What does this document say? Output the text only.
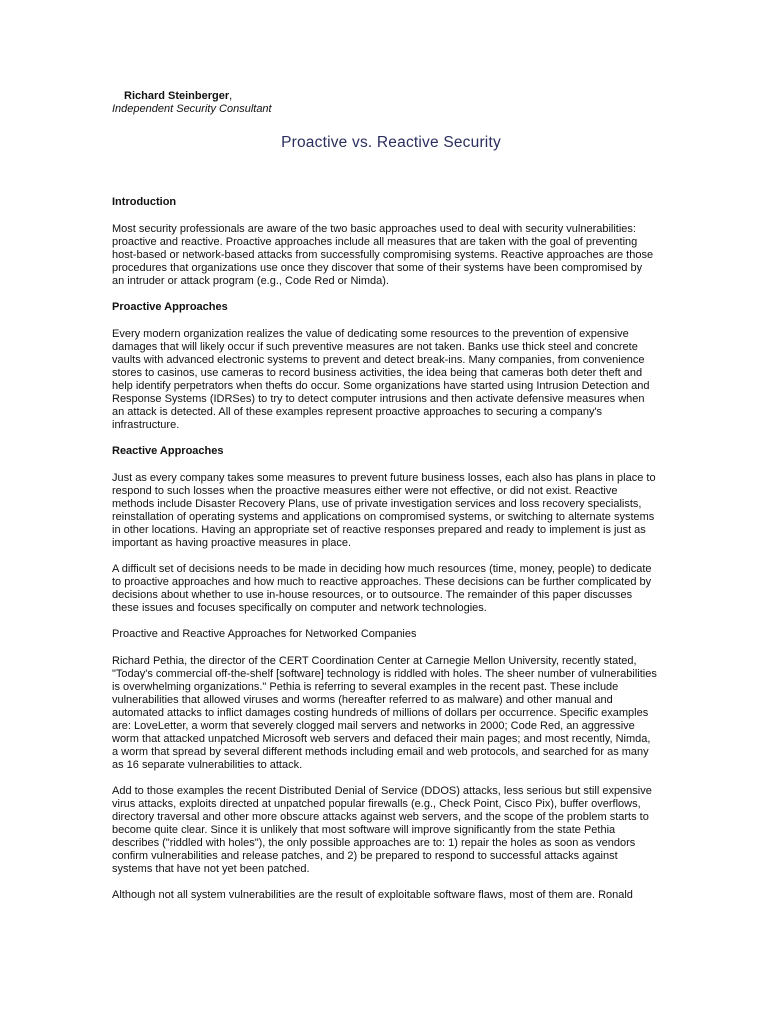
Richard Steinberger,
Independent Security Consultant
Proactive vs. Reactive Security
Introduction

Most security professionals are aware of the two basic approaches used to deal with security vulnerabilities: proactive and reactive. Proactive approaches include all measures that are taken with the goal of preventing host-based or network-based attacks from successfully compromising systems. Reactive approaches are those procedures that organizations use once they discover that some of their systems have been compromised by an intruder or attack program (e.g., Code Red or Nimda).

Proactive Approaches

Every modern organization realizes the value of dedicating some resources to the prevention of expensive damages that will likely occur if such preventive measures are not taken. Banks use thick steel and concrete vaults with advanced electronic systems to prevent and detect break-ins. Many companies, from convenience stores to casinos, use cameras to record business activities, the idea being that cameras both deter theft and help identify perpetrators when thefts do occur. Some organizations have started using Intrusion Detection and Response Systems (IDRSes) to try to detect computer intrusions and then activate defensive measures when an attack is detected. All of these examples represent proactive approaches to securing a company's infrastructure.

Reactive Approaches

Just as every company takes some measures to prevent future business losses, each also has plans in place to respond to such losses when the proactive measures either were not effective, or did not exist. Reactive methods include Disaster Recovery Plans, use of private investigation services and loss recovery specialists, reinstallation of operating systems and applications on compromised systems, or switching to alternate systems in other locations. Having an appropriate set of reactive responses prepared and ready to implement is just as important as having proactive measures in place.

A difficult set of decisions needs to be made in deciding how much resources (time, money, people) to dedicate to proactive approaches and how much to reactive approaches. These decisions can be further complicated by decisions about whether to use in-house resources, or to outsource. The remainder of this paper discusses these issues and focuses specifically on computer and network technologies.

Proactive and Reactive Approaches for Networked Companies

Richard Pethia, the director of the CERT Coordination Center at Carnegie Mellon University, recently stated, "Today's commercial off-the-shelf [software] technology is riddled with holes. The sheer number of vulnerabilities is overwhelming organizations." Pethia is referring to several examples in the recent past. These include vulnerabilities that allowed viruses and worms (hereafter referred to as malware) and other manual and automated attacks to inflict damages costing hundreds of millions of dollars per occurrence. Specific examples are: LoveLetter, a worm that severely clogged mail servers and networks in 2000; Code Red, an aggressive worm that attacked unpatched Microsoft web servers and defaced their main pages; and most recently, Nimda, a worm that spread by several different methods including email and web protocols, and searched for as many as 16 separate vulnerabilities to attack.

Add to those examples the recent Distributed Denial of Service (DDOS) attacks, less serious but still expensive virus attacks, exploits directed at unpatched popular firewalls (e.g., Check Point, Cisco Pix), buffer overflows, directory traversal and other more obscure attacks against web servers, and the scope of the problem starts to become quite clear. Since it is unlikely that most software will improve significantly from the state Pethia describes ("riddled with holes"), the only possible approaches are to: 1) repair the holes as soon as vendors confirm vulnerabilities and release patches, and 2) be prepared to respond to successful attacks against systems that have not yet been patched.

Although not all system vulnerabilities are the result of exploitable software flaws, most of them are. Ronald
